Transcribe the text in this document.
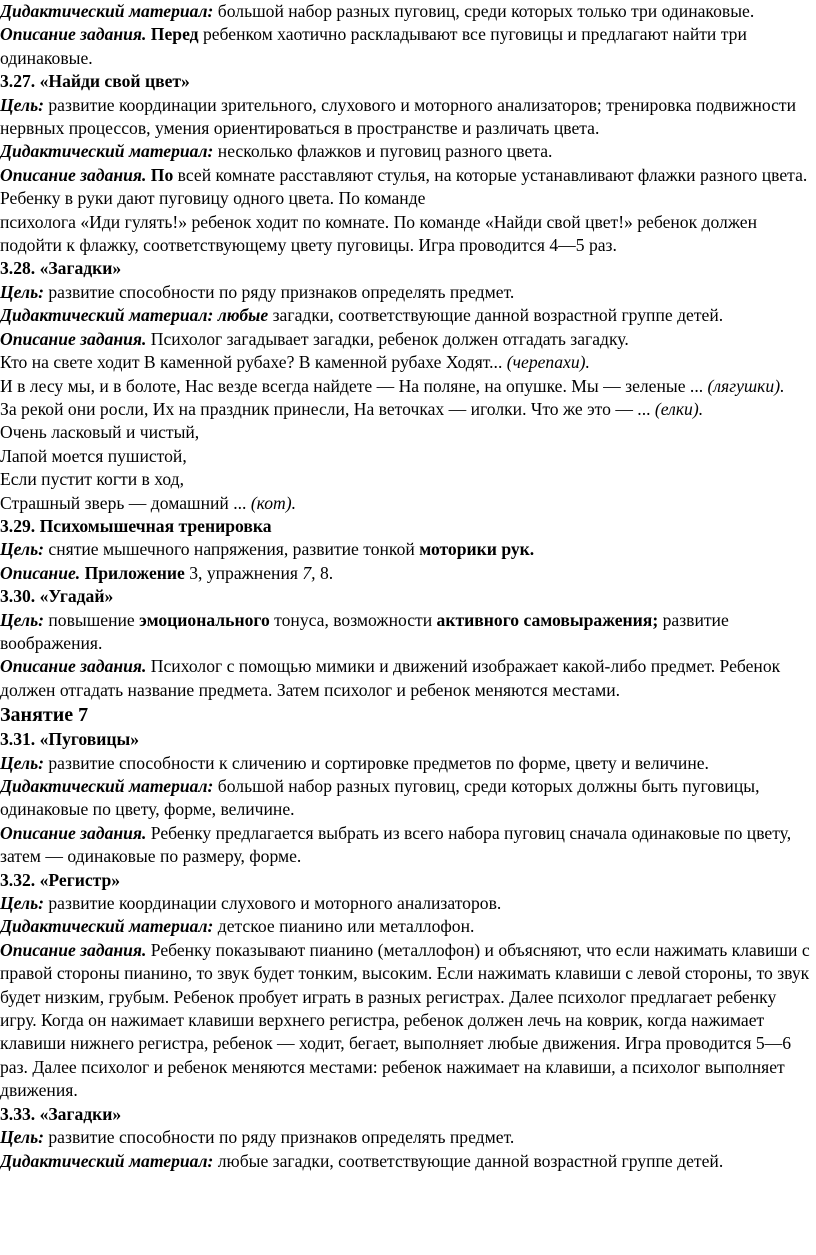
Дидактический материал: большой набор разных пуговиц, среди которых только три одинаковые.

Описание задания. Перед ребенком хаотично раскладывают все пуговицы и предлагают найти три одинаковые.

3.27. «Найди свой цвет»

Цель: развитие координации зрительного, слухового и моторного анализаторов; тренировка подвижности нервных процессов, умения ориентироваться в пространстве и различать цвета.

Дидактический материал: несколько флажков и пуговиц разного цвета.

Описание задания. По всей комнате расставляют стулья, на которые устанавливают флажки разного цвета. Ребенку в руки дают пуговицу одного цвета. По команде

психолога «Иди гулять!» ребенок ходит по комнате. По команде «Найди свой цвет!» ребенок должен подойти к флажку, соответствующему цвету пуговицы. Игра проводится 4—5 раз.

3.28. «Загадки»

Цель: развитие способности по ряду признаков определять предмет.

Дидактический материал: любые загадки, соответствующие данной возрастной группе детей.

Описание задания. Психолог загадывает загадки, ребенок должен отгадать загадку.

Кто на свете ходит В каменной рубахе? В каменной рубахе Ходят... (черепахи).

И в лесу мы, и в болоте, Нас везде всегда найдете — На поляне, на опушке. Мы — зеленые ... (лягушки).

За рекой они росли, Их на праздник принесли, На веточках — иголки. Что же это — ... (елки).

Очень ласковый и чистый,

Лапой моется пушистой,

Если пустит когти в ход,

Страшный зверь — домашний ... (кот).

3.29. Психомышечная тренировка

Цель: снятие мышечного напряжения, развитие тонкой моторики рук.

Описание. Приложение 3, упражнения 7, 8.

3.30. «Угадай»

Цель: повышение эмоционального тонуса, возможности активного самовыражения; развитие воображения.

Описание задания. Психолог с помощью мимики и движений изображает какой-либо предмет. Ребенок должен отгадать название предмета. Затем психолог и ребенок меняются местами.

Занятие 7

3.31. «Пуговицы»

Цель: развитие способности к сличению и сортировке предметов по форме, цвету и величине.

Дидактический материал: большой набор разных пуговиц, среди которых должны быть пуговицы, одинаковые по цвету, форме, величине.

Описание задания. Ребенку предлагается выбрать из всего набора пуговиц сначала одинаковые по цвету, затем — одинаковые по размеру, форме.

3.32. «Регистр»

Цель: развитие координации слухового и моторного анализаторов.

Дидактический материал: детское пианино или металлофон.

Описание задания. Ребенку показывают пианино (металлофон) и объясняют, что если нажимать клавиши с правой стороны пианино, то звук будет тонким, высоким. Если нажимать клавиши с левой стороны, то звук будет низким, грубым. Ребенок пробует играть в разных регистрах. Далее психолог предлагает ребенку игру. Когда он нажимает клавиши верхнего регистра, ребенок должен лечь на коврик, когда нажимает клавиши нижнего регистра, ребенок — ходит, бегает, выполняет любые движения. Игра проводится 5—6 раз. Далее психолог и ребенок меняются местами: ребенок нажимает на клавиши, а психолог выполняет движения.

3.33. «Загадки»

Цель: развитие способности по ряду признаков определять предмет.

Дидактический материал: любые загадки, соответствующие данной возрастной группе детей.
